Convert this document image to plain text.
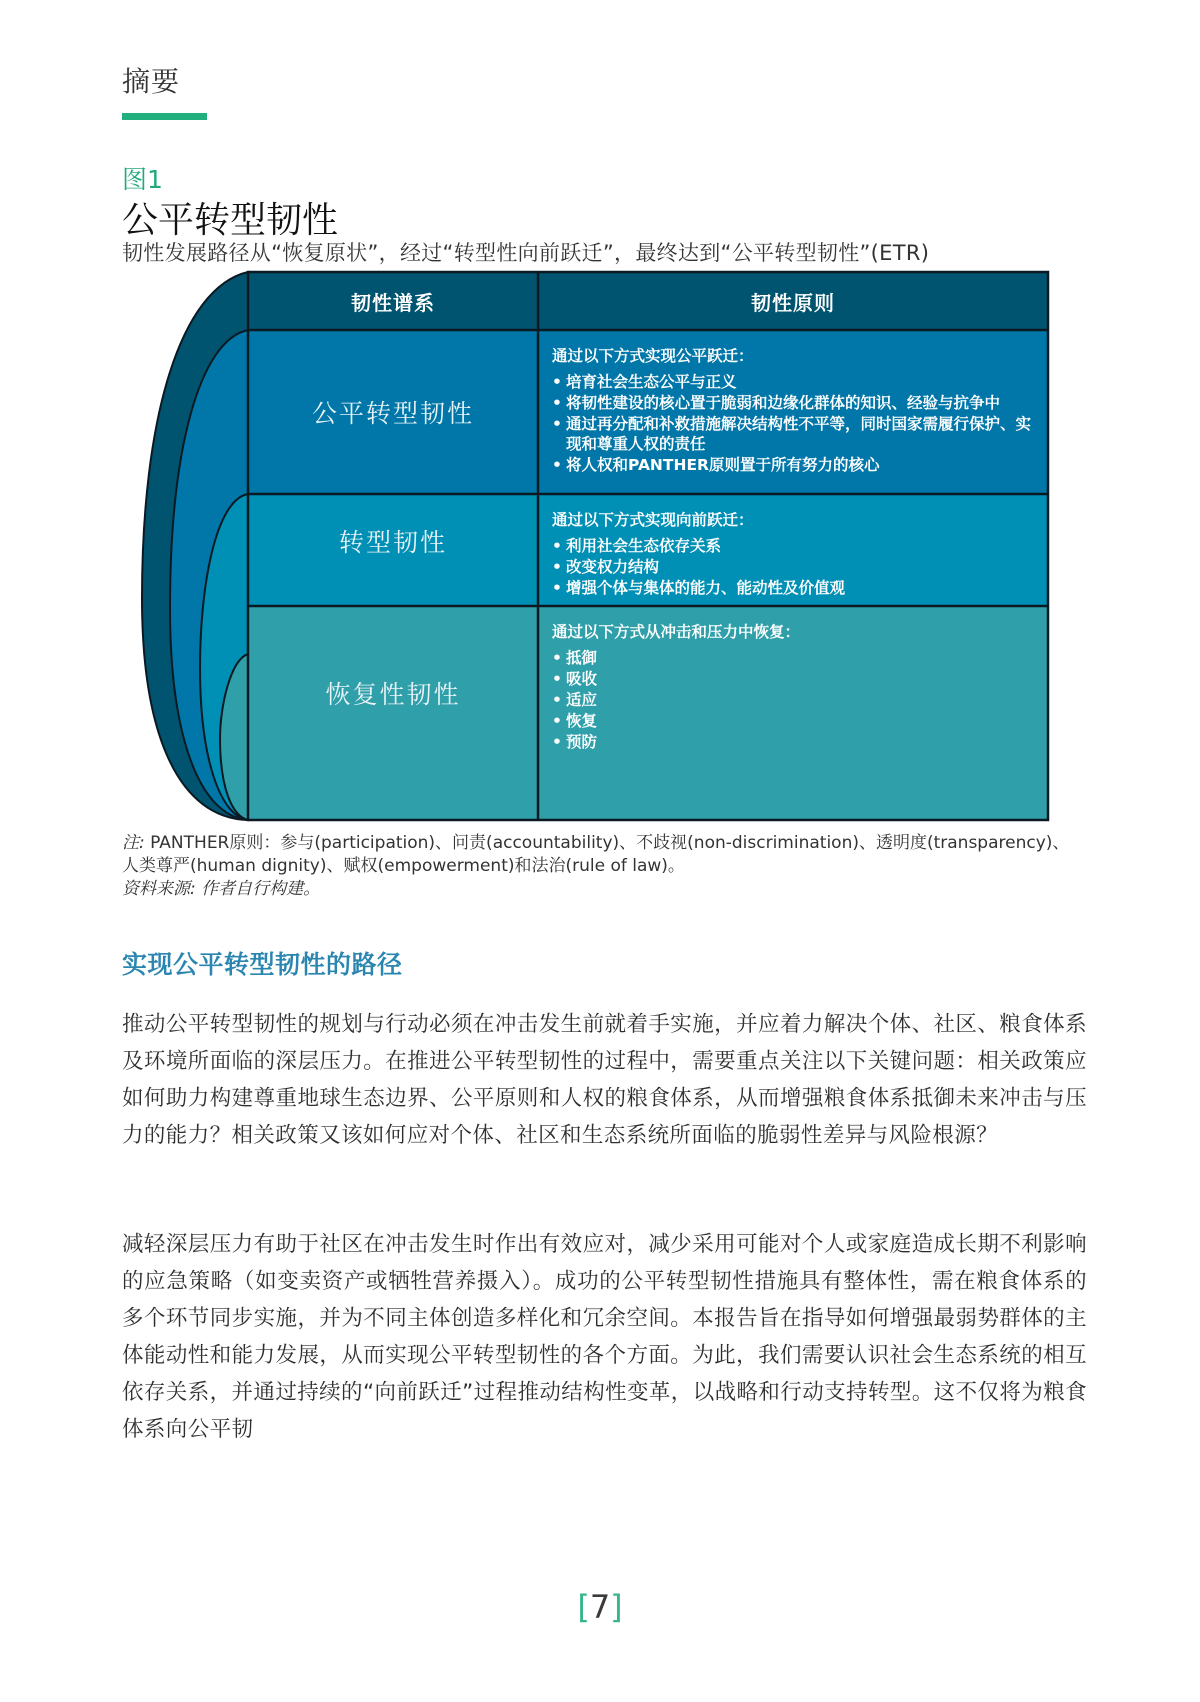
摘要
图1
公平转型韧性
韧性发展路径从“恢复原状”，经过“转型性向前跃迁”，最终达到“公平转型韧性”(ETR)
韧性谱系	韧性原则
公平转型韧性
通过以下方式实现公平跃迁：
• 培育社会生态公平与正义
• 将韧性建设的核心置于脆弱和边缘化群体的知识、经验与抗争中
• 通过再分配和补救措施解决结构性不平等，同时国家需履行保护、实现和尊重人权的责任
• 将人权和PANTHER原则置于所有努力的核心
转型韧性
通过以下方式实现向前跃迁：
• 利用社会生态依存关系
• 改变权力结构
• 增强个体与集体的能力、能动性及价值观
恢复性韧性
通过以下方式从冲击和压力中恢复：
• 抵御
• 吸收
• 适应
• 恢复
• 预防
注: PANTHER原则：参与(participation)、问责(accountability)、不歧视(non-discrimination)、透明度(transparency)、人类尊严(human dignity)、赋权(empowerment)和法治(rule of law)。
资料来源: 作者自行构建。
实现公平转型韧性的路径
推动公平转型韧性的规划与行动必须在冲击发生前就着手实施，并应着力解决个体、社区、粮食体系及环境所面临的深层压力。在推进公平转型韧性的过程中，需要重点关注以下关键问题：相关政策应如何助力构建尊重地球生态边界、公平原则和人权的粮食体系，从而增强粮食体系抵御未来冲击与压力的能力？相关政策又该如何应对个体、社区和生态系统所面临的脆弱性差异与风险根源？
减轻深层压力有助于社区在冲击发生时作出有效应对，减少采用可能对个人或家庭造成长期不利影响的应急策略（如变卖资产或牺牲营养摄入）。成功的公平转型韧性措施具有整体性，需在粮食体系的多个环节同步实施，并为不同主体创造多样化和冗余空间。本报告旨在指导如何增强最弱势群体的主体能动性和能力发展，从而实现公平转型韧性的各个方面。为此，我们需要认识社会生态系统的相互依存关系，并通过持续的“向前跃迁”过程推动结构性变革，以战略和行动支持转型。这不仅将为粮食体系向公平韧
[7]
